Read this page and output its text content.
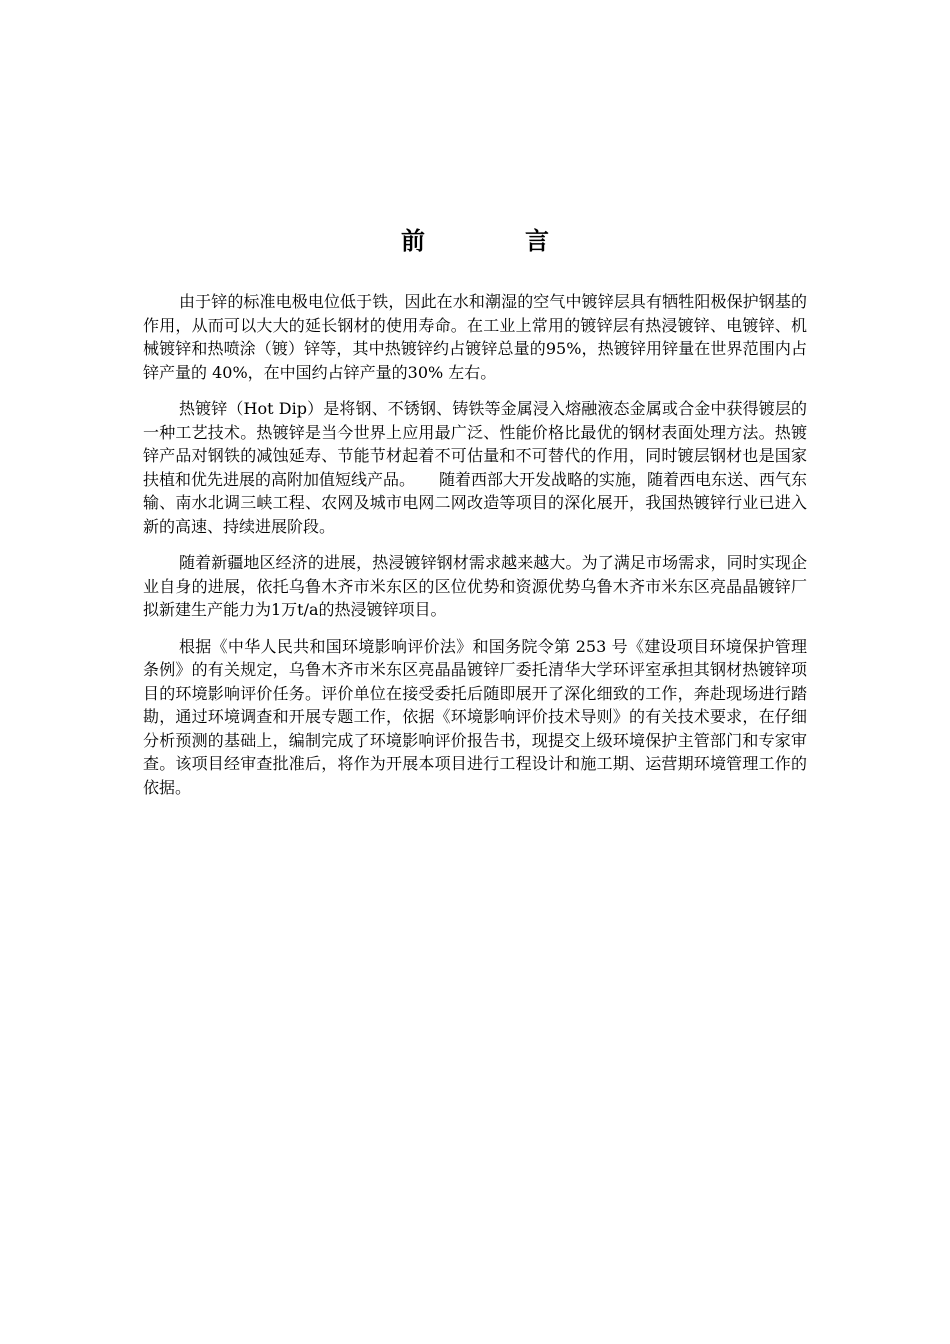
前　言

由于锌的标准电极电位低于铁，因此在水和潮湿的空气中镀锌层具有牺牲阳极保护钢基的作用，从而可以大大的延长钢材的使用寿命。在工业上常用的镀锌层有热浸镀锌、电镀锌、机械镀锌和热喷涂（镀）锌等，其中热镀锌约占镀锌总量的95%，热镀锌用锌量在世界范围内占锌产量的 40%，在中国约占锌产量的30% 左右。

热镀锌（Hot Dip）是将钢、不锈钢、铸铁等金属浸入熔融液态金属或合金中获得镀层的一种工艺技术。热镀锌是当今世界上应用最广泛、性能价格比最优的钢材表面处理方法。热镀锌产品对钢铁的减蚀延寿、节能节材起着不可估量和不可替代的作用，同时镀层钢材也是国家扶植和优先进展的高附加值短线产品。　　随着西部大开发战略的实施，随着西电东送、西气东输、南水北调三峡工程、农网及城市电网二网改造等项目的深化展开，我国热镀锌行业已进入新的高速、持续进展阶段。

随着新疆地区经济的进展，热浸镀锌钢材需求越来越大。为了满足市场需求，同时实现企业自身的进展，依托乌鲁木齐市米东区的区位优势和资源优势乌鲁木齐市米东区亮晶晶镀锌厂拟新建生产能力为1万t/a的热浸镀锌项目。

根据《中华人民共和国环境影响评价法》和国务院令第 253 号《建设项目环境保护管理条例》的有关规定，乌鲁木齐市米东区亮晶晶镀锌厂委托清华大学环评室承担其钢材热镀锌项目的环境影响评价任务。评价单位在接受委托后随即展开了深化细致的工作，奔赴现场进行踏勘，通过环境调查和开展专题工作，依据《环境影响评价技术导则》的有关技术要求，在仔细分析预测的基础上，编制完成了环境影响评价报告书，现提交上级环境保护主管部门和专家审查。该项目经审查批准后，将作为开展本项目进行工程设计和施工期、运营期环境管理工作的依据。
